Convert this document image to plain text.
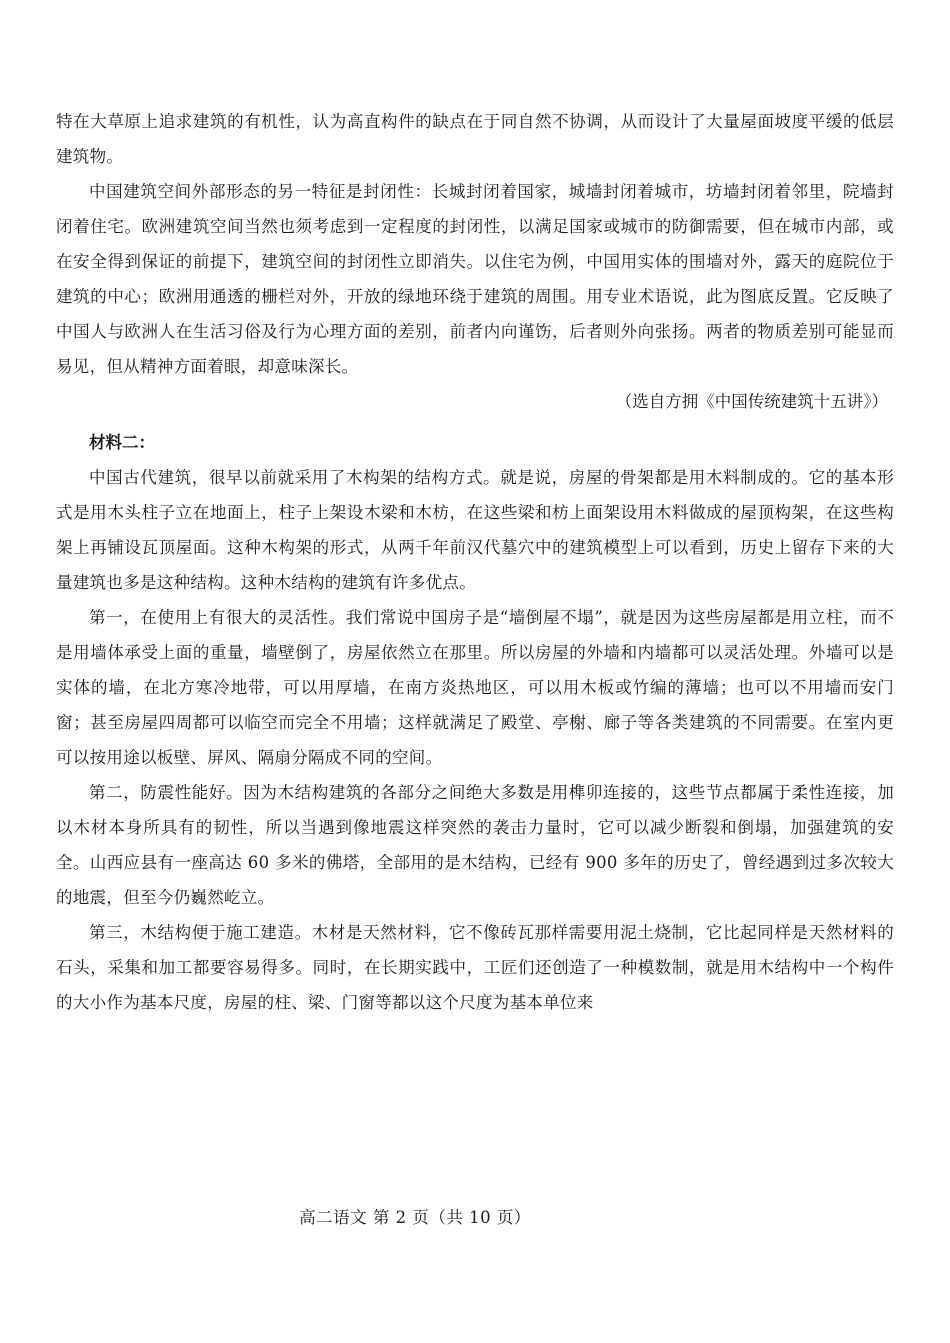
特在大草原上追求建筑的有机性，认为高直构件的缺点在于同自然不协调，从而设计了大量屋面坡度平缓的低层建筑物。

中国建筑空间外部形态的另一特征是封闭性：长城封闭着国家，城墙封闭着城市，坊墙封闭着邻里，院墙封闭着住宅。欧洲建筑空间当然也须考虑到一定程度的封闭性，以满足国家或城市的防御需要，但在城市内部，或在安全得到保证的前提下，建筑空间的封闭性立即消失。以住宅为例，中国用实体的围墙对外，露天的庭院位于建筑的中心；欧洲用通透的栅栏对外，开放的绿地环绕于建筑的周围。用专业术语说，此为图底反置。它反映了中国人与欧洲人在生活习俗及行为心理方面的差别，前者内向谨饬，后者则外向张扬。两者的物质差别可能显而易见，但从精神方面着眼，却意味深长。

（选自方拥《中国传统建筑十五讲》）

材料二：

中国古代建筑，很早以前就采用了木构架的结构方式。就是说，房屋的骨架都是用木料制成的。它的基本形式是用木头柱子立在地面上，柱子上架设木梁和木枋，在这些梁和枋上面架设用木料做成的屋顶构架，在这些构架上再铺设瓦顶屋面。这种木构架的形式，从两千年前汉代墓穴中的建筑模型上可以看到，历史上留存下来的大量建筑也多是这种结构。这种木结构的建筑有许多优点。

第一，在使用上有很大的灵活性。我们常说中国房子是“墙倒屋不塌”，就是因为这些房屋都是用立柱，而不是用墙体承受上面的重量，墙壁倒了，房屋依然立在那里。所以房屋的外墙和内墙都可以灵活处理。外墙可以是实体的墙，在北方寒冷地带，可以用厚墙，在南方炎热地区，可以用木板或竹编的薄墙；也可以不用墙而安门窗；甚至房屋四周都可以临空而完全不用墙；这样就满足了殿堂、亭榭、廊子等各类建筑的不同需要。在室内更可以按用途以板壁、屏风、隔扇分隔成不同的空间。

第二，防震性能好。因为木结构建筑的各部分之间绝大多数是用榫卯连接的，这些节点都属于柔性连接，加以木材本身所具有的韧性，所以当遇到像地震这样突然的袭击力量时，它可以减少断裂和倒塌，加强建筑的安全。山西应县有一座高达 60 多米的佛塔，全部用的是木结构，已经有 900 多年的历史了，曾经遇到过多次较大的地震，但至今仍巍然屹立。

第三，木结构便于施工建造。木材是天然材料，它不像砖瓦那样需要用泥土烧制，它比起同样是天然材料的石头，采集和加工都要容易得多。同时，在长期实践中，工匠们还创造了一种模数制，就是用木结构中一个构件的大小作为基本尺度，房屋的柱、梁、门窗等都以这个尺度为基本单位来

高二语文 第 2 页（共 10 页）
